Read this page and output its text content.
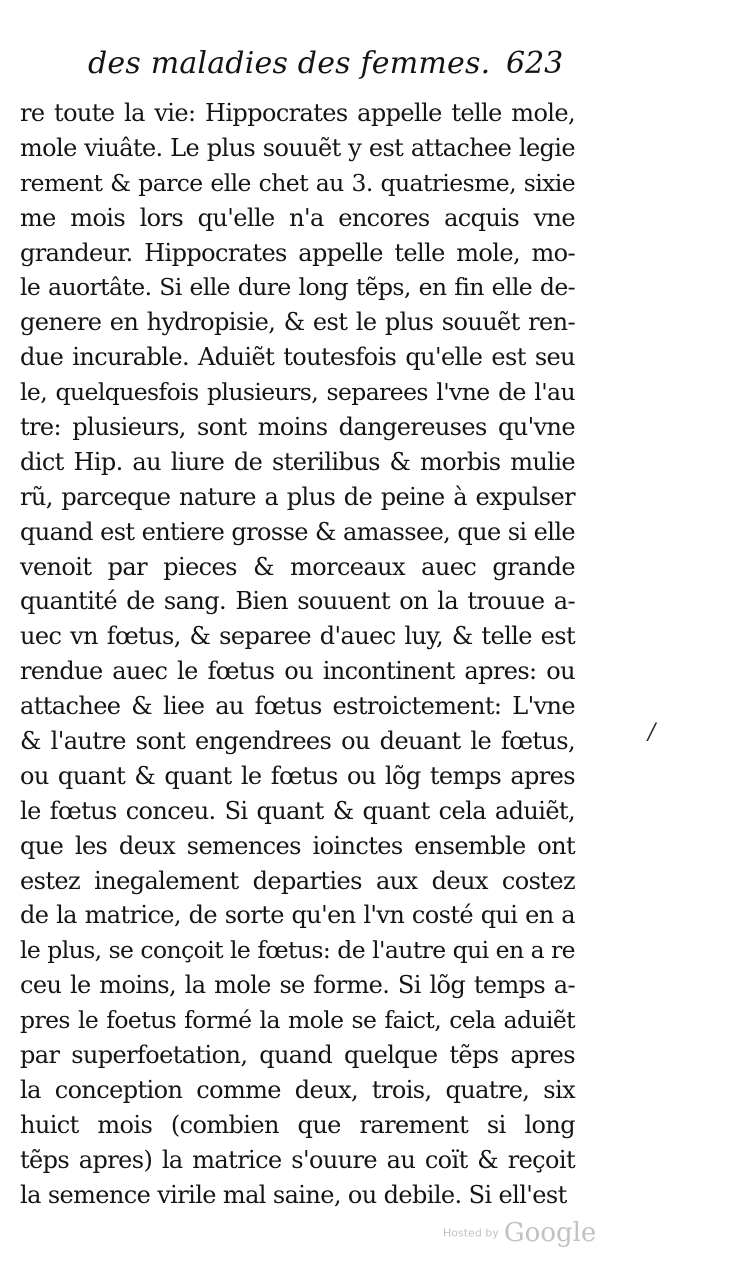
des maladies des femmes. 623
re toute la vie: Hippocrates appelle telle mole,
mole viuâte. Le plus souuẽt y est attachee legie
rement & parce elle chet au 3. quatriesme, sixie
me mois lors qu'elle n'a encores acquis vne
grandeur. Hippocrates appelle telle mole, mo-
le auortâte. Si elle dure long tẽps, en fin elle de-
genere en hydropisie, & est le plus souuẽt ren-
due incurable. Aduiẽt toutesfois qu'elle est seu
le, quelquesfois plusieurs, separees l'vne de l'au
tre: plusieurs, sont moins dangereuses qu'vne
dict Hip. au liure de sterilibus & morbis mulie
rũ, parceque nature a plus de peine à expulser
quand est entiere grosse & amassee, que si elle
venoit par pieces & morceaux auec grande
quantité de sang. Bien souuent on la trouue a-
uec vn fœtus, & separee d'auec luy, & telle est
rendue auec le fœtus ou incontinent apres: ou
attachee & liee au fœtus estroictement: L'vne
& l'autre sont engendrees ou deuant le fœtus,
ou quant & quant le fœtus ou lõg temps apres
le fœtus conceu. Si quant & quant cela aduiẽt,
que les deux semences ioinctes ensemble ont
estez inegalement departies aux deux costez
de la matrice, de sorte qu'en l'vn costé qui en a
le plus, se conçoit le fœtus: de l'autre qui en a re
ceu le moins, la mole se forme. Si lõg temps a-
pres le foetus formé la mole se faict, cela aduiẽt
par superfoetation, quand quelque tẽps apres
la conception comme deux, trois, quatre, six
huict mois (combien que rarement si long
tẽps apres) la matrice s'ouure au coït & reçoit
la semence virile mal saine, ou debile. Si ell'est
/
Hosted by Google
